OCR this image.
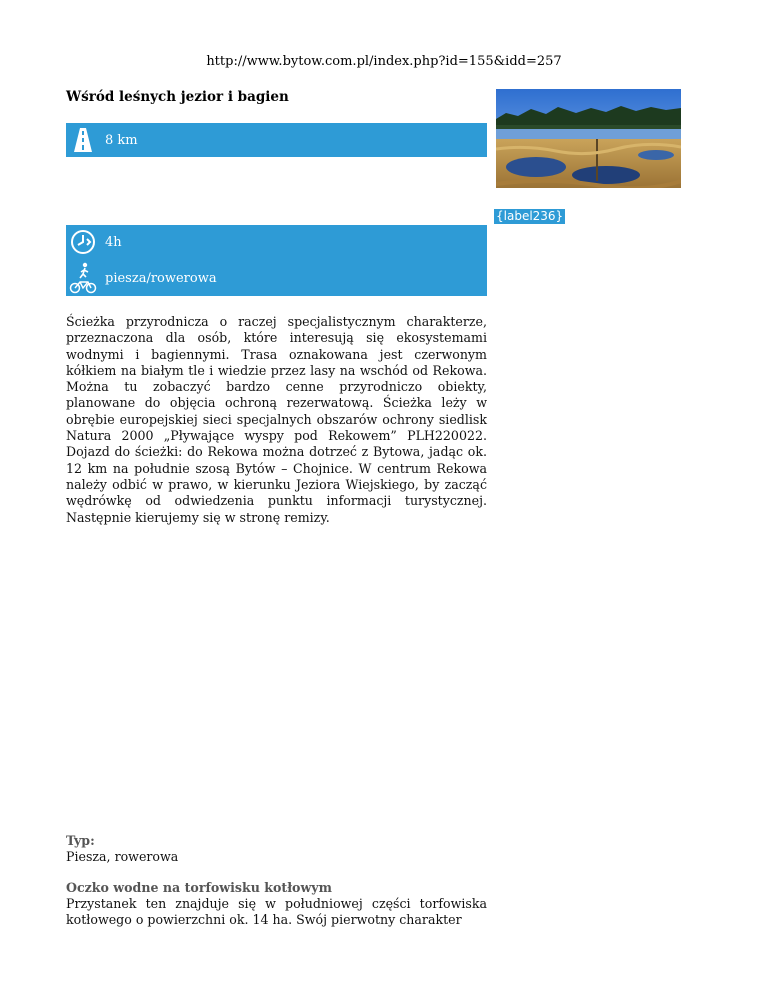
http://www.bytow.com.pl/index.php?id=155&idd=257
Wśród leśnych jezior i bagien
8 km
{label236}
4h
piesza/rowerowa

Ścieżka przyrodnicza o raczej specjalistycznym charakterze, przeznaczona dla osób, które interesują się ekosystemami wodnymi i bagiennymi. Trasa oznakowana jest czerwonym kółkiem na białym tle i wiedzie przez lasy na wschód od Rekowa. Można tu zobaczyć bardzo cenne przyrodniczo obiekty, planowane do objęcia ochroną rezerwatową. Ścieżka leży w obrębie europejskiej sieci specjalnych obszarów ochrony siedlisk Natura 2000 „Pływające wyspy pod Rekowem” PLH220022. Dojazd do ścieżki: do Rekowa można dotrzeć z Bytowa, jadąc ok. 12 km na południe szosą Bytów – Chojnice. W centrum Rekowa należy odbić w prawo, w kierunku Jeziora Wiejskiego, by zacząć wędrówkę od odwiedzenia punktu informacji turystycznej. Następnie kierujemy się w stronę remizy.

Typ:
Piesza, rowerowa
Oczko wodne na torfowisku kotłowym

Przystanek ten znajduje się w południowej części torfowiska kotłowego o powierzchni ok. 14 ha. Swój pierwotny charakter
